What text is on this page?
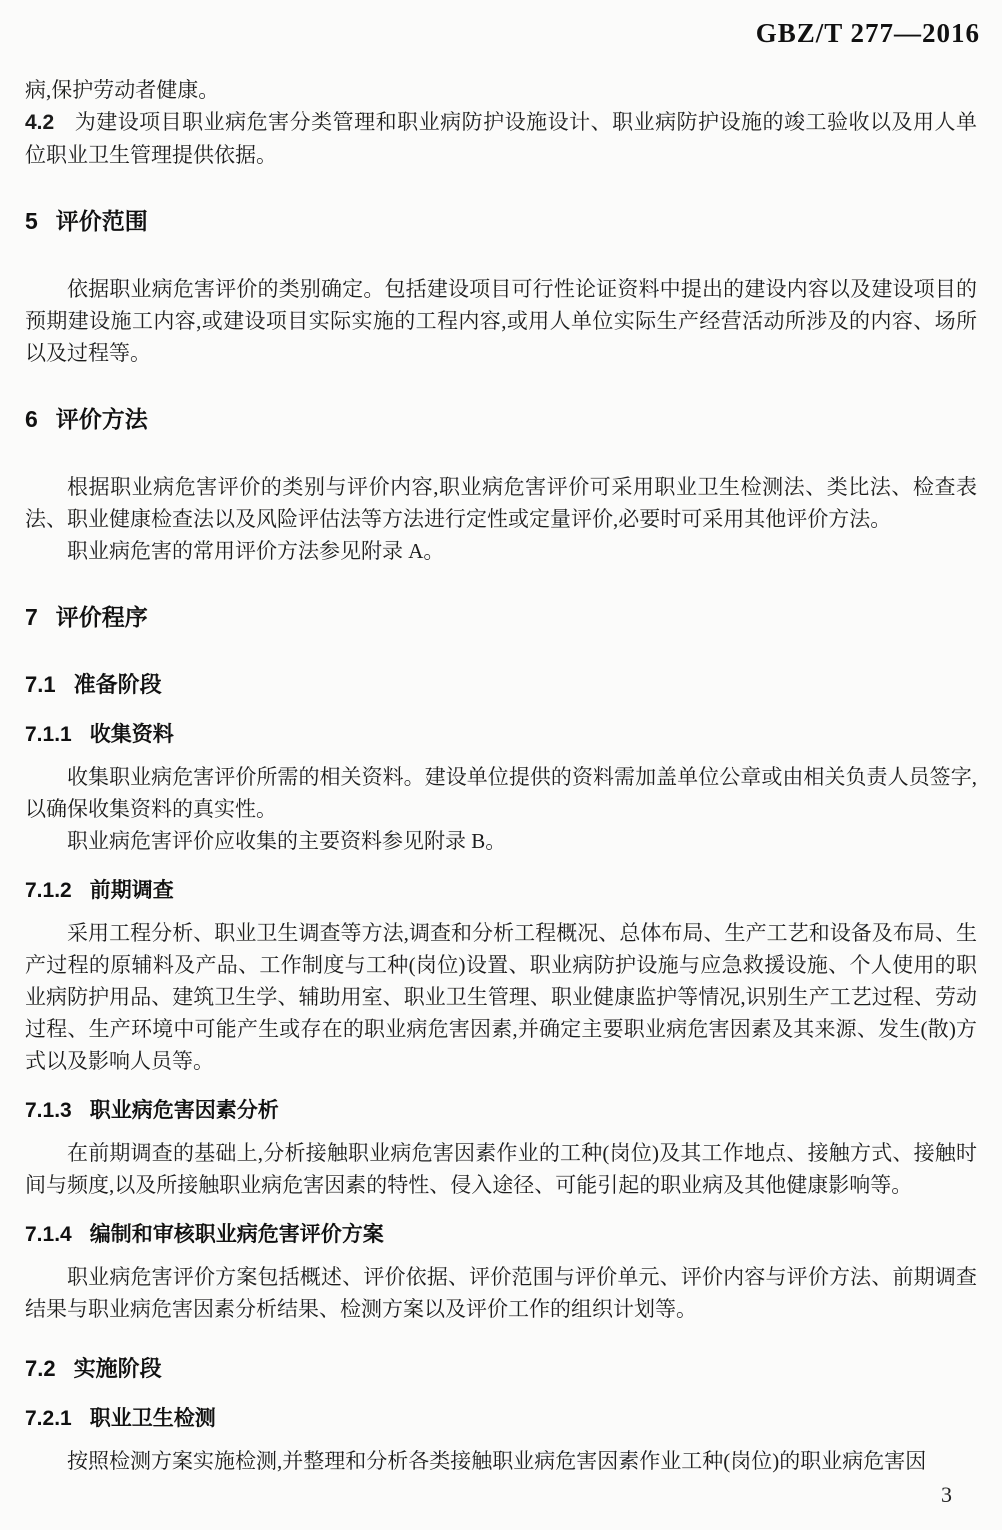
GBZ/T 277—2016

病,保护劳动者健康。

4.2 为建设项目职业病危害分类管理和职业病防护设施设计、职业病防护设施的竣工验收以及用人单位职业卫生管理提供依据。

5 评价范围

依据职业病危害评价的类别确定。包括建设项目可行性论证资料中提出的建设内容以及建设项目的预期建设施工内容,或建设项目实际实施的工程内容,或用人单位实际生产经营活动所涉及的内容、场所以及过程等。

6 评价方法

根据职业病危害评价的类别与评价内容,职业病危害评价可采用职业卫生检测法、类比法、检查表法、职业健康检查法以及风险评估法等方法进行定性或定量评价,必要时可采用其他评价方法。

职业病危害的常用评价方法参见附录 A。

7 评价程序
7.1 准备阶段
7.1.1 收集资料

收集职业病危害评价所需的相关资料。建设单位提供的资料需加盖单位公章或由相关负责人员签字,以确保收集资料的真实性。

职业病危害评价应收集的主要资料参见附录 B。

7.1.2 前期调查

采用工程分析、职业卫生调查等方法,调查和分析工程概况、总体布局、生产工艺和设备及布局、生产过程的原辅料及产品、工作制度与工种(岗位)设置、职业病防护设施与应急救援设施、个人使用的职业病防护用品、建筑卫生学、辅助用室、职业卫生管理、职业健康监护等情况,识别生产工艺过程、劳动过程、生产环境中可能产生或存在的职业病危害因素,并确定主要职业病危害因素及其来源、发生(散)方式以及影响人员等。

7.1.3 职业病危害因素分析

在前期调查的基础上,分析接触职业病危害因素作业的工种(岗位)及其工作地点、接触方式、接触时间与频度,以及所接触职业病危害因素的特性、侵入途径、可能引起的职业病及其他健康影响等。

7.1.4 编制和审核职业病危害评价方案

职业病危害评价方案包括概述、评价依据、评价范围与评价单元、评价内容与评价方法、前期调查结果与职业病危害因素分析结果、检测方案以及评价工作的组织计划等。

7.2 实施阶段
7.2.1 职业卫生检测

按照检测方案实施检测,并整理和分析各类接触职业病危害因素作业工种(岗位)的职业病危害因

3
